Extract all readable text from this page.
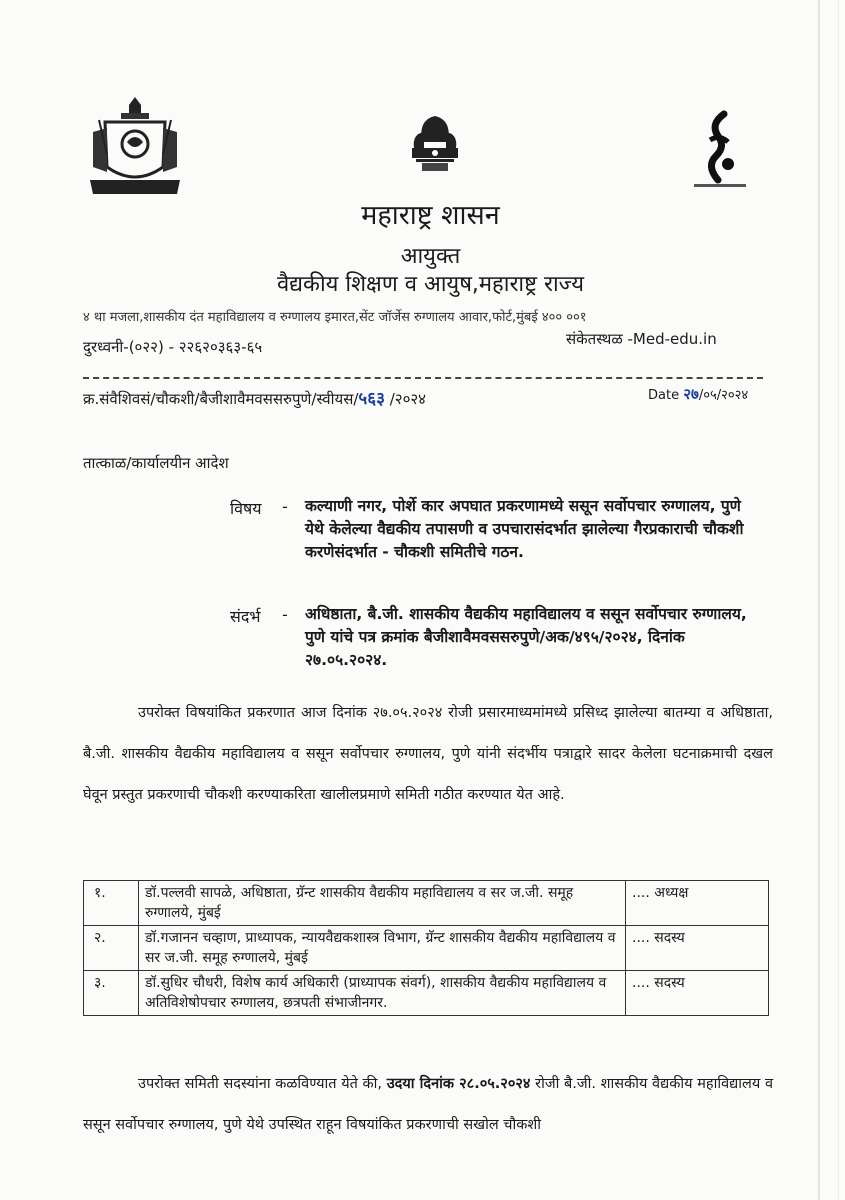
महाराष्ट्र शासन
आयुक्त
वैद्यकीय शिक्षण व आयुष,महाराष्ट्र राज्य
४ था मजला,शासकीय दंत महाविद्यालय व रुग्णालय इमारत,सेंट जॉर्जेस रुग्णालय आवार,फोर्ट,मुंबई ४०० ००१
दुरध्वनी-(०२२) - २२६२०३६३-६५	संकेतस्थळ -Med-edu.in
क्र.संवैशिवसं/चौकशी/बैजीशावैमवससरुपुणे/स्वीयस/५६३ /२०२४	Date २७/०५/२०२४
तात्काळ/कार्यालयीन आदेश
विषय - कल्याणी नगर, पोर्शे कार अपघात प्रकरणामध्ये ससून सर्वोपचार रुग्णालय, पुणे येथे केलेल्या वैद्यकीय तपासणी व उपचारासंदर्भात झालेल्या गैरप्रकाराची चौकशी करणेसंदर्भात - चौकशी समितीचे गठन.
संदर्भ - अधिष्ठाता, बै.जी. शासकीय वैद्यकीय महाविद्यालय व ससून सर्वोपचार रुग्णालय, पुणे यांचे पत्र क्रमांक बैजीशावैमवससरुपुणे/अक/४९५/२०२४, दिनांक २७.०५.२०२४.
उपरोक्त विषयांकित प्रकरणात आज दिनांक २७.०५.२०२४ रोजी प्रसारमाध्यमांमध्ये प्रसिध्द झालेल्या बातम्या व अधिष्ठाता, बै.जी. शासकीय वैद्यकीय महाविद्यालय व ससून सर्वोपचार रुग्णालय, पुणे यांनी संदर्भीय पत्राद्वारे सादर केलेला घटनाक्रमाची दखल घेवून प्रस्तुत प्रकरणाची चौकशी करण्याकरिता खालीलप्रमाणे समिती गठीत करण्यात येत आहे.
१.	डॉ.पल्लवी सापळे, अधिष्ठाता, ग्रॅन्ट शासकीय वैद्यकीय महाविद्यालय व सर ज.जी. समूह रुग्णालये, मुंबई	.... अध्यक्ष
२.	डॉ.गजानन चव्हाण, प्राध्यापक, न्यायवैद्यकशास्त्र विभाग, ग्रॅन्ट शासकीय वैद्यकीय महाविद्यालय व सर ज.जी. समूह रुग्णालये, मुंबई	.... सदस्य
३.	डॉ.सुधिर चौधरी, विशेष कार्य अधिकारी (प्राध्यापक संवर्ग), शासकीय वैद्यकीय महाविद्यालय व अतिविशेषोपचार रुग्णालय, छत्रपती संभाजीनगर.	.... सदस्य
उपरोक्त समिती सदस्यांना कळविण्यात येते की, उदया दिनांक २८.०५.२०२४ रोजी बै.जी. शासकीय वैद्यकीय महाविद्यालय व ससून सर्वोपचार रुग्णालय, पुणे येथे उपस्थित राहून विषयांकित प्रकरणाची सखोल चौकशी
